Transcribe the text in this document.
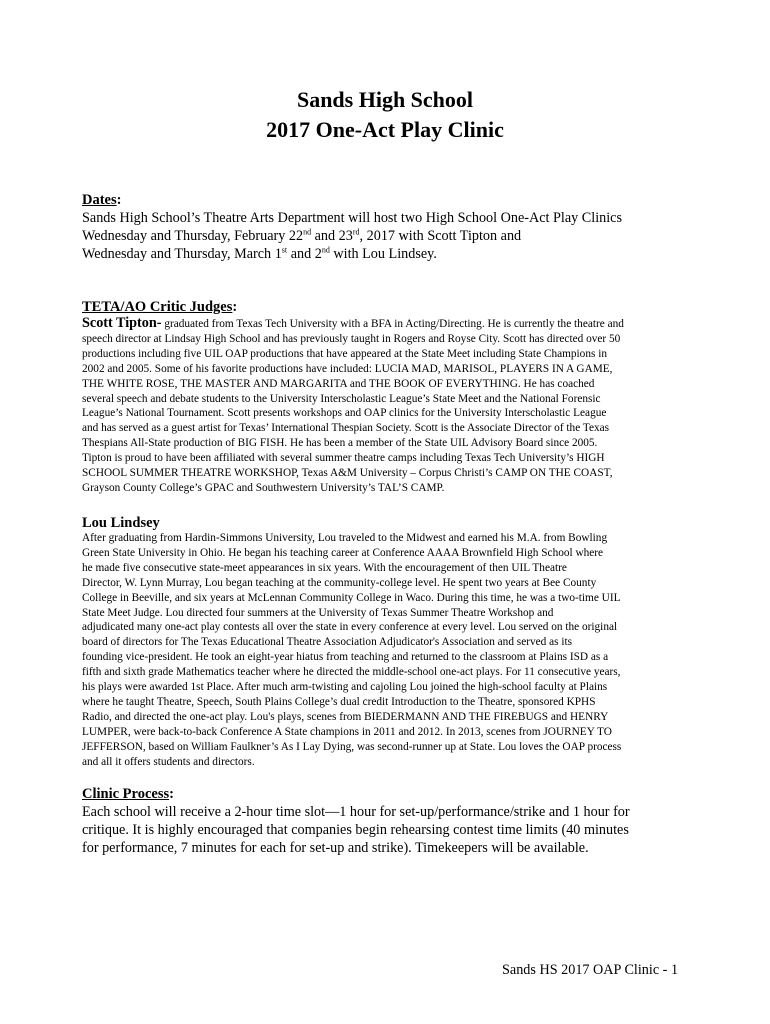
Sands High School
2017 One-Act Play Clinic
Dates:
Sands High School’s Theatre Arts Department will host two High School One-Act Play Clinics
Wednesday and Thursday, February 22nd and 23rd, 2017 with Scott Tipton and
Wednesday and Thursday, March 1st and 2nd with Lou Lindsey.
TETA/AO Critic Judges:
Scott Tipton- graduated from Texas Tech University with a BFA in Acting/Directing. He is currently the theatre and
speech director at Lindsay High School and has previously taught in Rogers and Royse City. Scott has directed over 50
productions including five UIL OAP productions that have appeared at the State Meet including State Champions in
2002 and 2005. Some of his favorite productions have included: LUCIA MAD, MARISOL, PLAYERS IN A GAME,
THE WHITE ROSE, THE MASTER AND MARGARITA and THE BOOK OF EVERYTHING. He has coached
several speech and debate students to the University Interscholastic League’s State Meet and the National Forensic
League’s National Tournament. Scott presents workshops and OAP clinics for the University Interscholastic League
and has served as a guest artist for Texas’ International Thespian Society. Scott is the Associate Director of the Texas
Thespians All-State production of BIG FISH. He has been a member of the State UIL Advisory Board since 2005.
Tipton is proud to have been affiliated with several summer theatre camps including Texas Tech University’s HIGH
SCHOOL SUMMER THEATRE WORKSHOP, Texas A&M University – Corpus Christi’s CAMP ON THE COAST,
Grayson County College’s GPAC and Southwestern University’s TAL’S CAMP.
Lou Lindsey
After graduating from Hardin-Simmons University, Lou traveled to the Midwest and earned his M.A. from Bowling
Green State University in Ohio. He began his teaching career at Conference AAAA Brownfield High School where
he made five consecutive state-meet appearances in six years. With the encouragement of then UIL Theatre
Director, W. Lynn Murray, Lou began teaching at the community-college level. He spent two years at Bee County
College in Beeville, and six years at McLennan Community College in Waco. During this time, he was a two-time UIL
State Meet Judge. Lou directed four summers at the University of Texas Summer Theatre Workshop and
adjudicated many one-act play contests all over the state in every conference at every level. Lou served on the original
board of directors for The Texas Educational Theatre Association Adjudicator's Association and served as its
founding vice-president. He took an eight-year hiatus from teaching and returned to the classroom at Plains ISD as a
fifth and sixth grade Mathematics teacher where he directed the middle-school one-act plays. For 11 consecutive years,
his plays were awarded 1st Place. After much arm-twisting and cajoling Lou joined the high-school faculty at Plains
where he taught Theatre, Speech, South Plains College’s dual credit Introduction to the Theatre, sponsored KPHS
Radio, and directed the one-act play. Lou's plays, scenes from BIEDERMANN AND THE FIREBUGS and HENRY
LUMPER, were back-to-back Conference A State champions in 2011 and 2012. In 2013, scenes from JOURNEY TO
JEFFERSON, based on William Faulkner’s As I Lay Dying, was second-runner up at State. Lou loves the OAP process
and all it offers students and directors.
Clinic Process:
Each school will receive a 2-hour time slot—1 hour for set-up/performance/strike and 1 hour for
critique. It is highly encouraged that companies begin rehearsing contest time limits (40 minutes
for performance, 7 minutes for each for set-up and strike). Timekeepers will be available.
Sands HS 2017 OAP Clinic - 1
